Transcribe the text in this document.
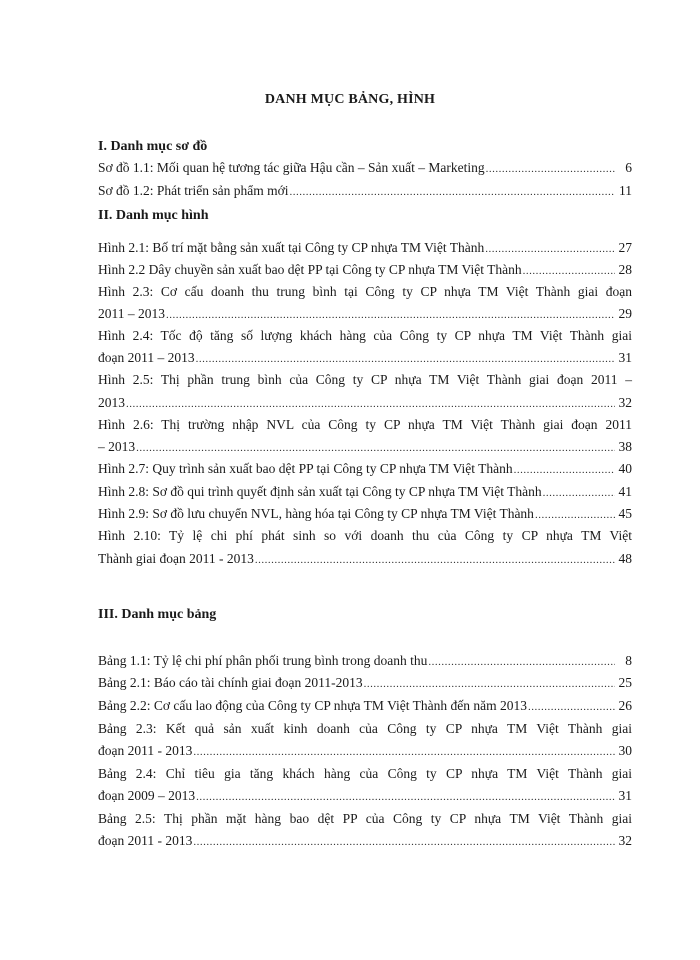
DANH MỤC BẢNG, HÌNH
I. Danh mục sơ đồ
Sơ đồ 1.1: Mối quan hệ tương tác giữa Hậu cần – Sản xuất – Marketing .....	6
Sơ đồ 1.2: Phát triển sản phẩm mới .....	11
II. Danh mục hình
Hình 2.1: Bố trí mặt bằng sản xuất tại Công ty CP nhựa TM Việt Thành .....	27
Hình 2.2 Dây chuyền sản xuất bao dệt PP tại Công ty CP nhựa TM Việt Thành .....	28
Hình 2.3: Cơ cấu doanh thu trung bình tại Công ty CP nhựa TM Việt Thành giai đoạn
2011 – 2013 .....	29
Hình 2.4: Tốc độ tăng số lượng khách hàng của Công ty CP nhựa TM Việt Thành giai
đoạn 2011 – 2013 .....	31
Hình 2.5: Thị phần trung bình của Công ty CP nhựa TM Việt Thành giai đoạn 2011 –
2013 .....	32
Hình 2.6: Thị trường nhập NVL của Công ty CP nhựa TM Việt Thành giai đoạn 2011
– 2013 .....	38
Hình 2.7: Quy trình sản xuất bao dệt PP tại Công ty CP nhựa TM Việt Thành .....	40
Hình 2.8: Sơ đồ qui trình quyết định sản xuất tại Công ty CP nhựa TM Việt Thành .....	41
Hình 2.9: Sơ đồ lưu chuyển NVL, hàng hóa tại Công ty CP nhựa TM Việt Thành .....	45
Hình 2.10: Tỷ lệ chi phí phát sinh so với doanh thu của Công ty CP nhựa TM Việt
Thành giai đoạn 2011 - 2013 .....	48
III. Danh mục bảng
Bảng 1.1: Tỷ lệ chi phí phân phối trung bình trong doanh thu .....	8
Bảng 2.1: Báo cáo tài chính giai đoạn 2011-2013 .....	25
Bảng 2.2: Cơ cấu lao động của Công ty CP nhựa TM Việt Thành đến năm 2013 .....	26
Bảng 2.3: Kết quả sản xuất kinh doanh của Công ty CP nhựa TM Việt Thành giai
đoạn 2011 - 2013 .....	30
Bảng 2.4: Chỉ tiêu gia tăng khách hàng của Công ty CP nhựa TM Việt Thành giai
đoạn 2009 – 2013 .....	31
Bảng 2.5: Thị phần mặt hàng bao dệt PP của Công ty CP nhựa TM Việt Thành giai
đoạn 2011 - 2013 .....	32
